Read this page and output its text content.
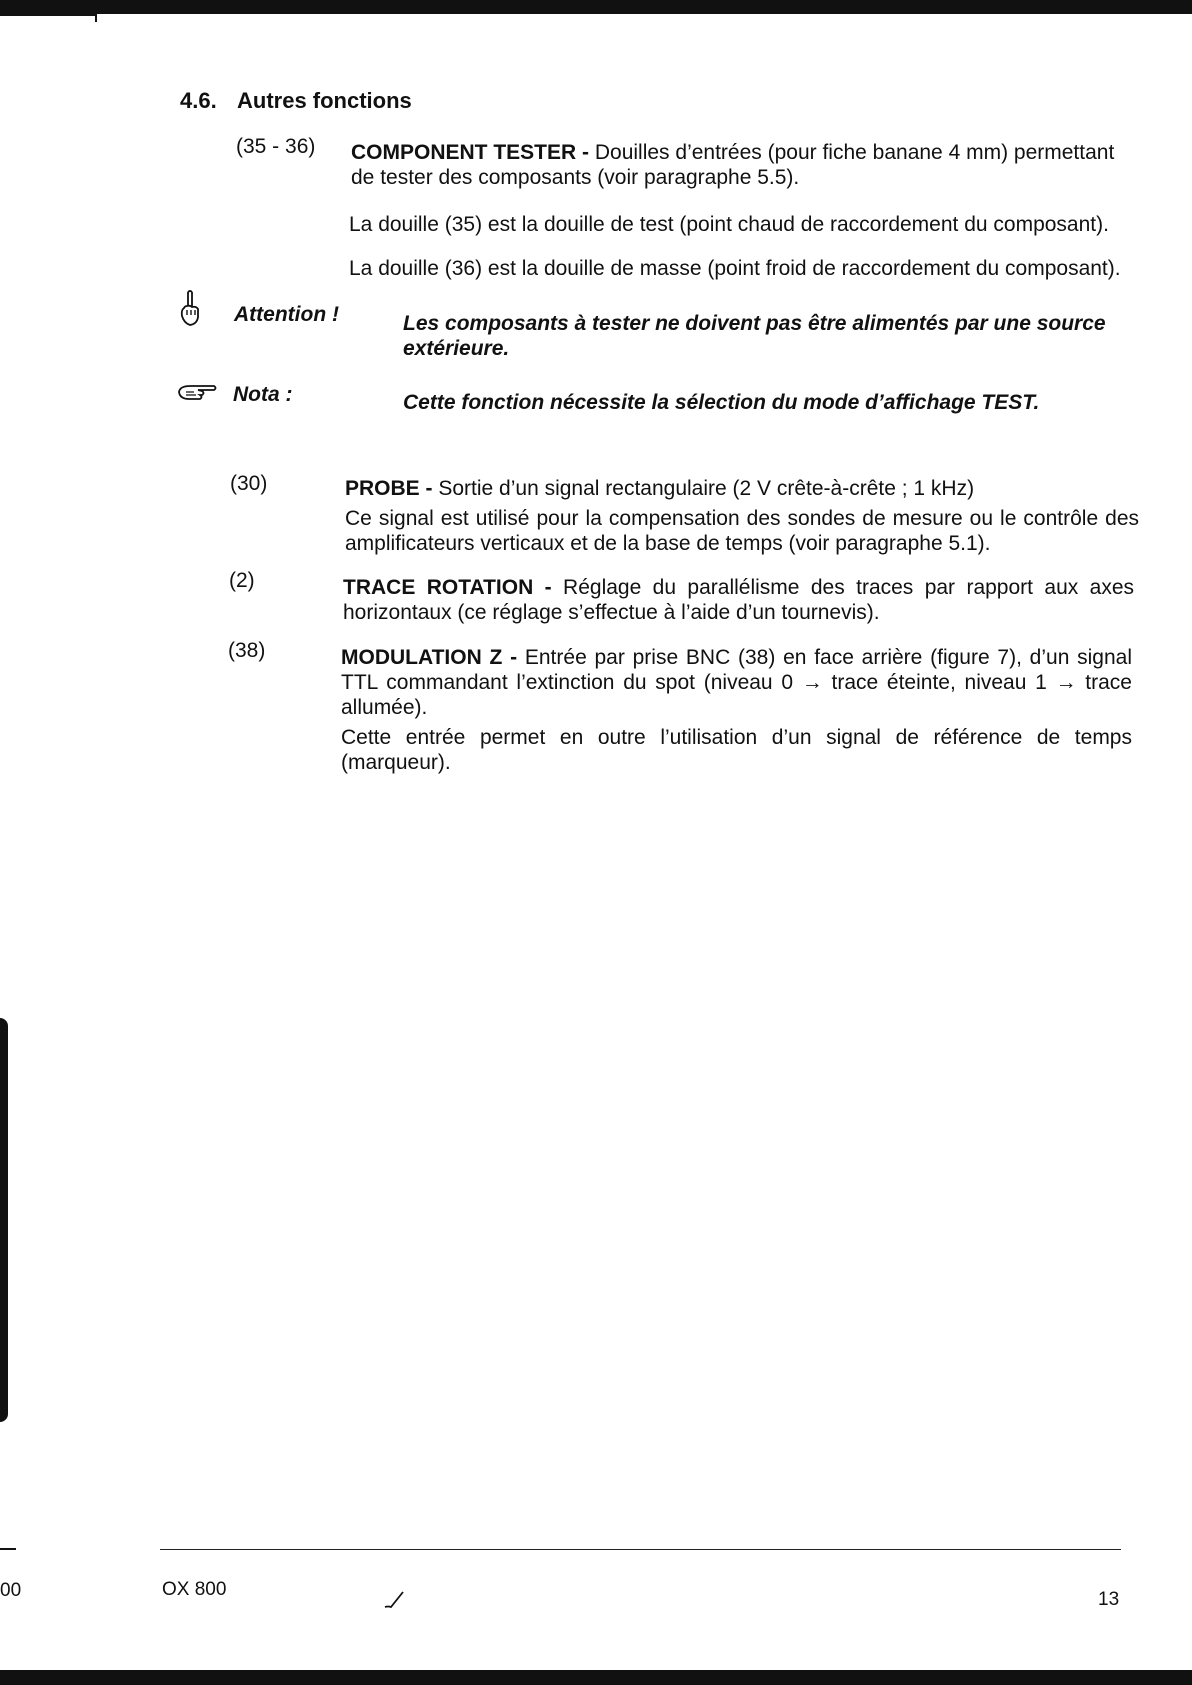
4.6. Autres fonctions
(35 - 36) COMPONENT TESTER - Douilles d’entrées (pour fiche banane 4 mm) permettant de tester des composants (voir paragraphe 5.5).
La douille (35) est la douille de test (point chaud de raccordement du composant).
La douille (36) est la douille de masse (point froid de raccordement du composant).
Attention !	Les composants à tester ne doivent pas être alimentés par une source extérieure.
Nota :	Cette fonction nécessite la sélection du mode d’affichage TEST.
(30)	PROBE - Sortie d’un signal rectangulaire (2 V crête-à-crête ; 1 kHz)
Ce signal est utilisé pour la compensation des sondes de mesure ou le contrôle des amplificateurs verticaux et de la base de temps (voir paragraphe 5.1).
(2)	TRACE ROTATION - Réglage du parallélisme des traces par rapport aux axes horizontaux (ce réglage s’effectue à l’aide d’un tournevis).
(38)	MODULATION Z - Entrée par prise BNC (38) en face arrière (figure 7), d’un signal TTL commandant l’extinction du spot (niveau 0 → trace éteinte, niveau 1 → trace allumée).
Cette entrée permet en outre l’utilisation d’un signal de référence de temps (marqueur).
00	OX 800	13
